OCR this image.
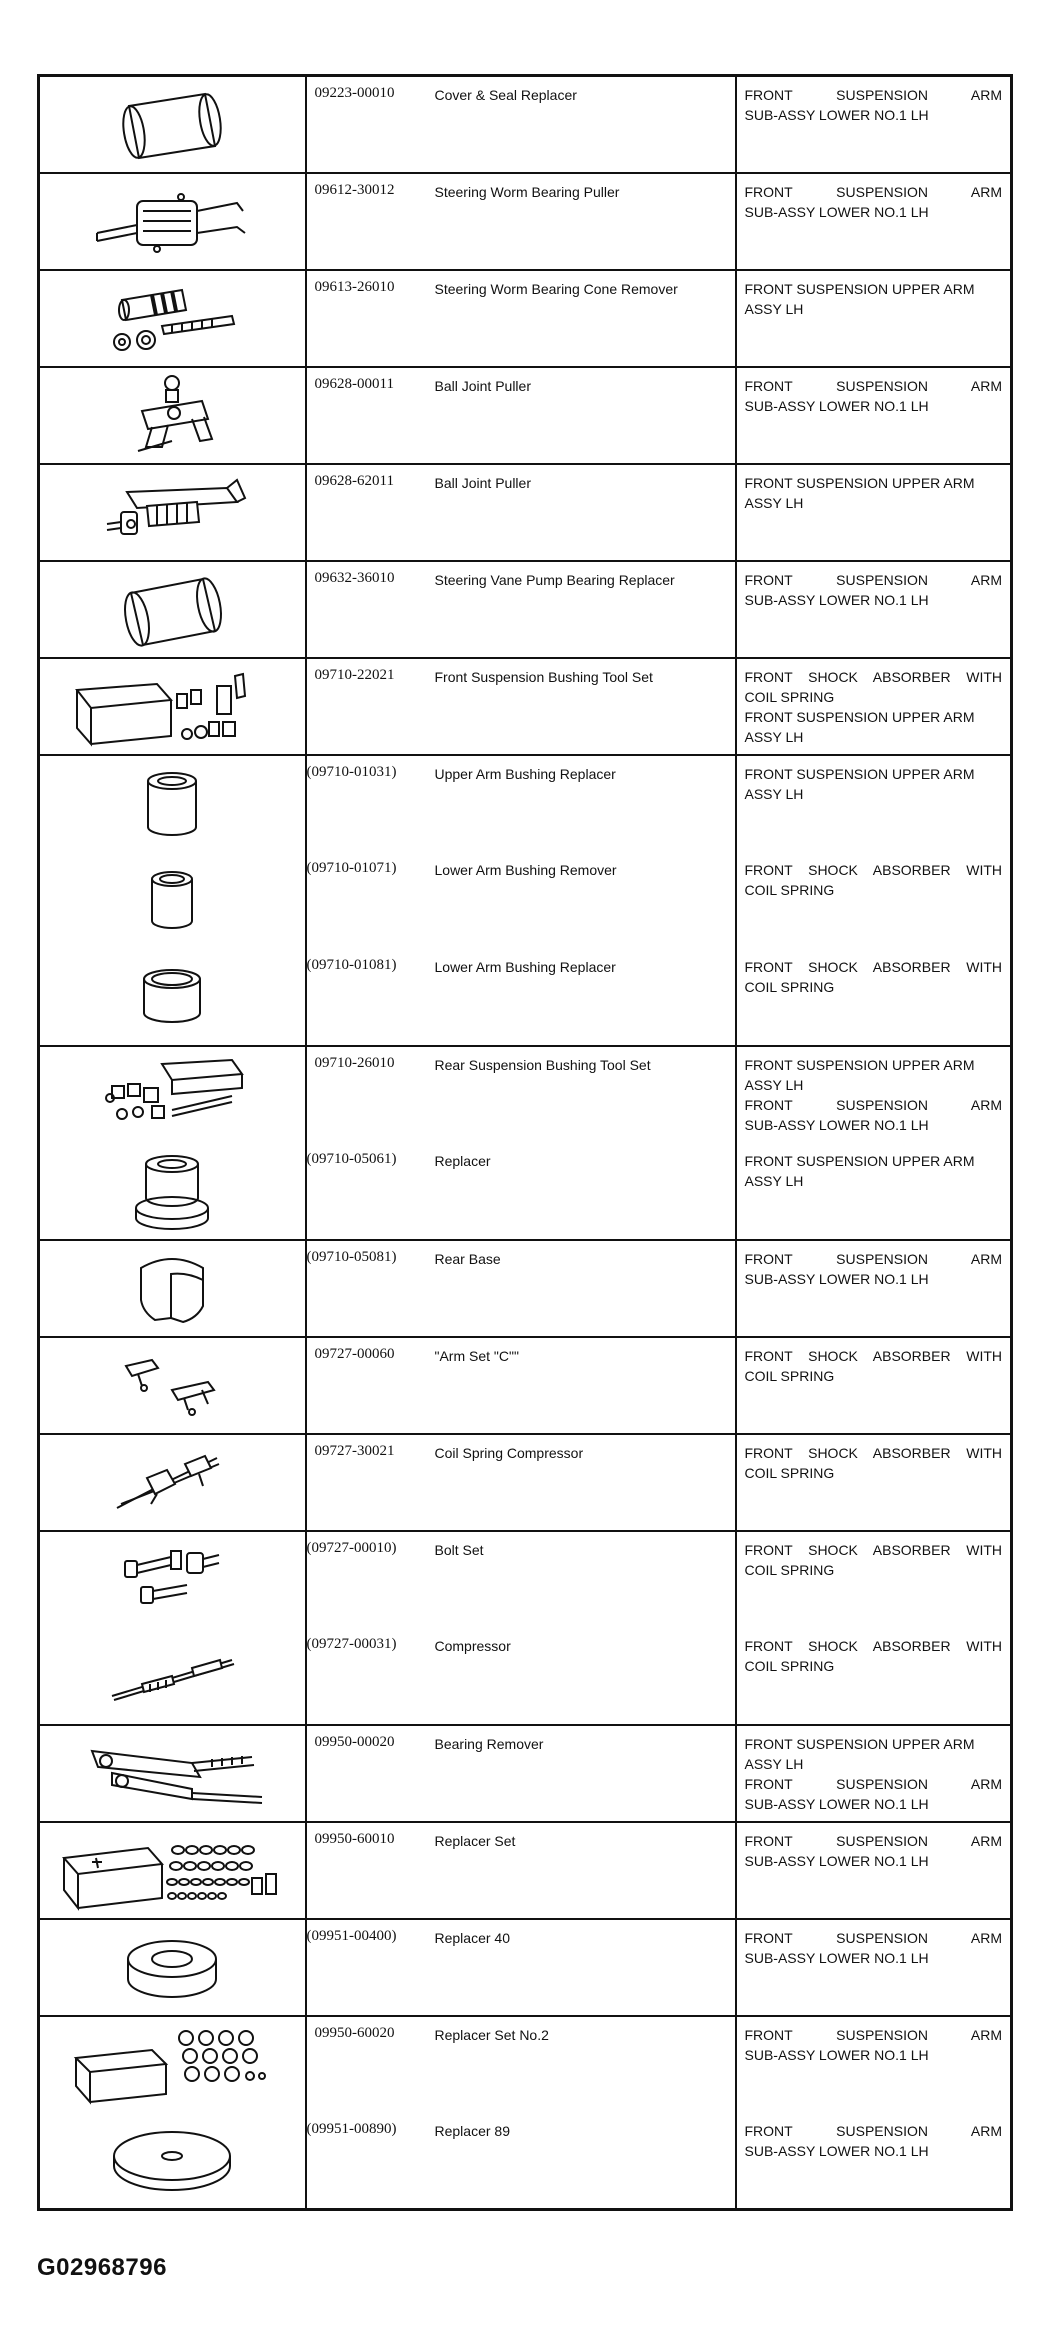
09223-00010	Cover & Seal Replacer	FRONT SUSPENSION ARM

SUB-ASSY LOWER NO.1 LH

09612-30012	Steering Worm Bearing Puller	FRONT SUSPENSION ARM

SUB-ASSY LOWER NO.1 LH

09613-26010	Steering Worm Bearing Cone Remover	FRONT SUSPENSION UPPER ARM

ASSY LH

09628-00011	Ball Joint Puller	FRONT SUSPENSION ARM

SUB-ASSY LOWER NO.1 LH

09628-62011	Ball Joint Puller	FRONT SUSPENSION UPPER ARM

ASSY LH

09632-36010	Steering Vane Pump Bearing Replacer	FRONT SUSPENSION ARM

SUB-ASSY LOWER NO.1 LH

09710-22021	Front Suspension Bushing Tool Set	FRONT SHOCK ABSORBER WITH

COIL SPRING

FRONT SUSPENSION UPPER ARM

ASSY LH

(09710-01031)	Upper Arm Bushing Replacer	FRONT SUSPENSION UPPER ARM

ASSY LH

(09710-01071)	Lower Arm Bushing Remover	FRONT SHOCK ABSORBER WITH

COIL SPRING

(09710-01081)	Lower Arm Bushing Replacer	FRONT SHOCK ABSORBER WITH

COIL SPRING

09710-26010	Rear Suspension Bushing Tool Set	FRONT SUSPENSION UPPER ARM

ASSY LH

FRONT SUSPENSION ARM

SUB-ASSY LOWER NO.1 LH

(09710-05061)	Replacer	FRONT SUSPENSION UPPER ARM

ASSY LH

(09710-05081)	Rear Base	FRONT SUSPENSION ARM

SUB-ASSY LOWER NO.1 LH

09727-00060	"Arm Set "C""	FRONT SHOCK ABSORBER WITH

COIL SPRING

09727-30021	Coil Spring Compressor	FRONT SHOCK ABSORBER WITH

COIL SPRING

(09727-00010)	Bolt Set	FRONT SHOCK ABSORBER WITH

COIL SPRING

(09727-00031)	Compressor	FRONT SHOCK ABSORBER WITH

COIL SPRING

09950-00020	Bearing Remover	FRONT SUSPENSION UPPER ARM

ASSY LH

FRONT SUSPENSION ARM

SUB-ASSY LOWER NO.1 LH

09950-60010	Replacer Set	FRONT SUSPENSION ARM

SUB-ASSY LOWER NO.1 LH

(09951-00400)	Replacer 40	FRONT SUSPENSION ARM

SUB-ASSY LOWER NO.1 LH

09950-60020	Replacer Set No.2	FRONT SUSPENSION ARM

SUB-ASSY LOWER NO.1 LH

(09951-00890)	Replacer 89	FRONT SUSPENSION ARM

SUB-ASSY LOWER NO.1 LH

G02968796
